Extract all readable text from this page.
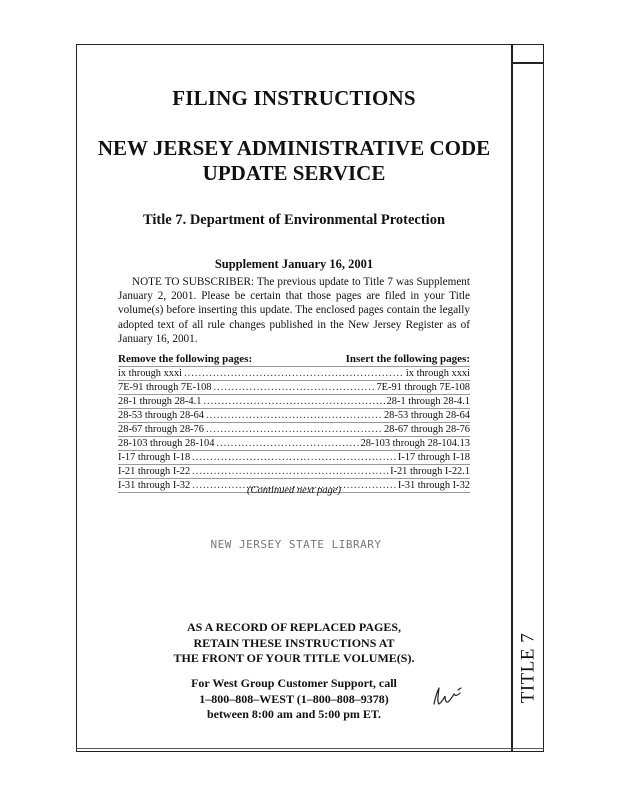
TITLE 7
FILING INSTRUCTIONS
NEW JERSEY ADMINISTRATIVE CODE
UPDATE SERVICE
Title 7. Department of Environmental Protection
Supplement January 16, 2001
NOTE TO SUBSCRIBER: The previous update to Title 7 was Supplement January 2, 2001. Please be certain that those pages are filed in your Title volume(s) before inserting this update. The enclosed pages contain the legally adopted text of all rule changes published in the New Jersey Register as of January 16, 2001.
Remove the following pages:	Insert the following pages:
ix through xxxi .....	ix through xxxi
7E-91 through 7E-108 .....	7E-91 through 7E-108
28-1 through 28-4.1 .....	28-1 through 28-4.1
28-53 through 28-64 .....	28-53 through 28-64
28-67 through 28-76 .....	28-67 through 28-76
28-103 through 28-104 .....	28-103 through 28-104.13
I-17 through I-18 .....	I-17 through I-18
I-21 through I-22 .....	I-21 through I-22.1
I-31 through I-32 .....	I-31 through I-32
(Continued next page)
NEW JERSEY STATE LIBRARY
AS A RECORD OF REPLACED PAGES,
RETAIN THESE INSTRUCTIONS AT
THE FRONT OF YOUR TITLE VOLUME(S).
For West Group Customer Support, call
1–800–808–WEST (1–800–808–9378)
between 8:00 am and 5:00 pm ET.
